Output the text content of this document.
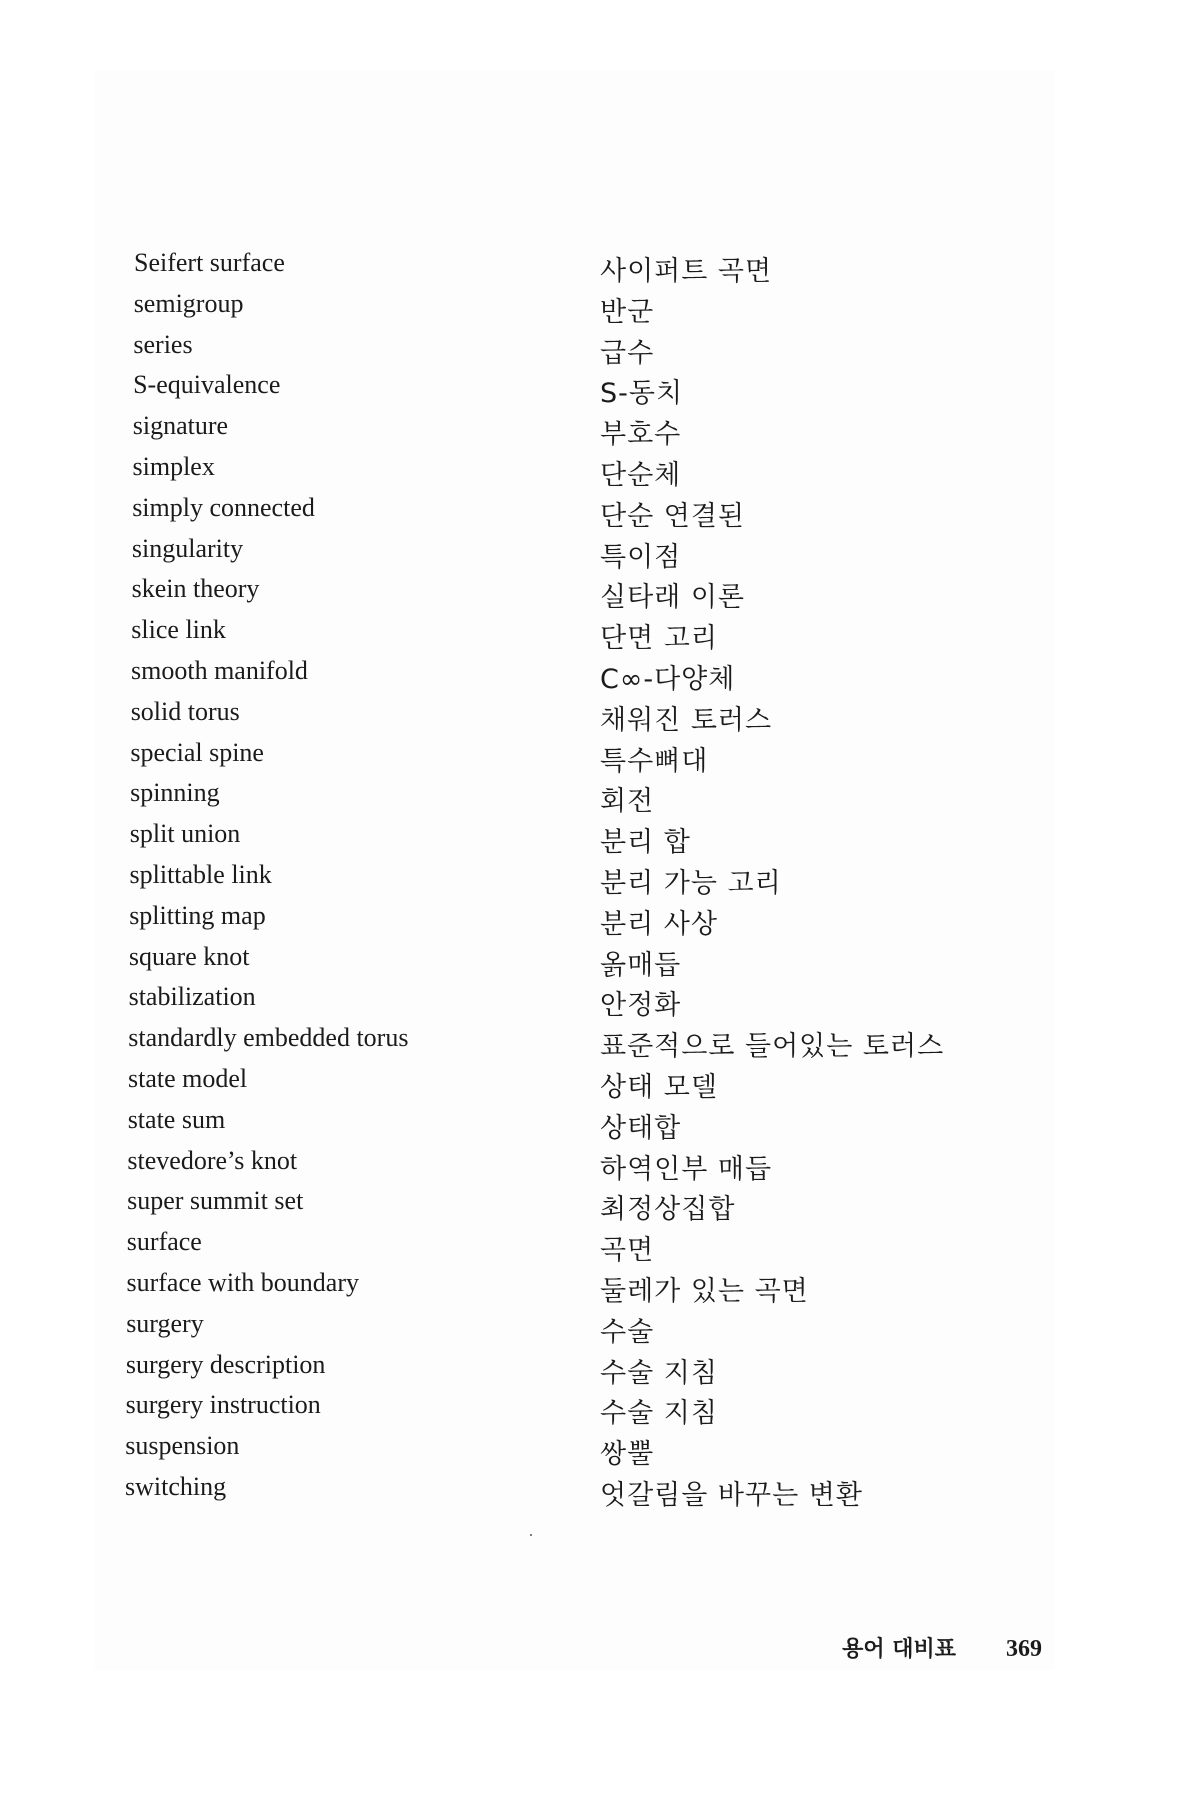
Seifert surface	사이퍼트 곡면
semigroup	반군
series	급수
S-equivalence	S-동치
signature	부호수
simplex	단순체
simply connected	단순 연결된
singularity	특이점
skein theory	실타래 이론
slice link	단면 고리
smooth manifold	C∞-다양체
solid torus	채워진 토러스
special spine	특수뼈대
spinning	회전
split union	분리 합
splittable link	분리 가능 고리
splitting map	분리 사상
square knot	옭매듭
stabilization	안정화
standardly embedded torus	표준적으로 들어있는 토러스
state model	상태 모델
state sum	상태합
stevedore’s knot	하역인부 매듭
super summit set	최정상집합
surface	곡면
surface with boundary	둘레가 있는 곡면
surgery	수술
surgery description	수술 지침
surgery instruction	수술 지침
suspension	쌍뿔
switching	엇갈림을 바꾸는 변환
용어 대비표 369
